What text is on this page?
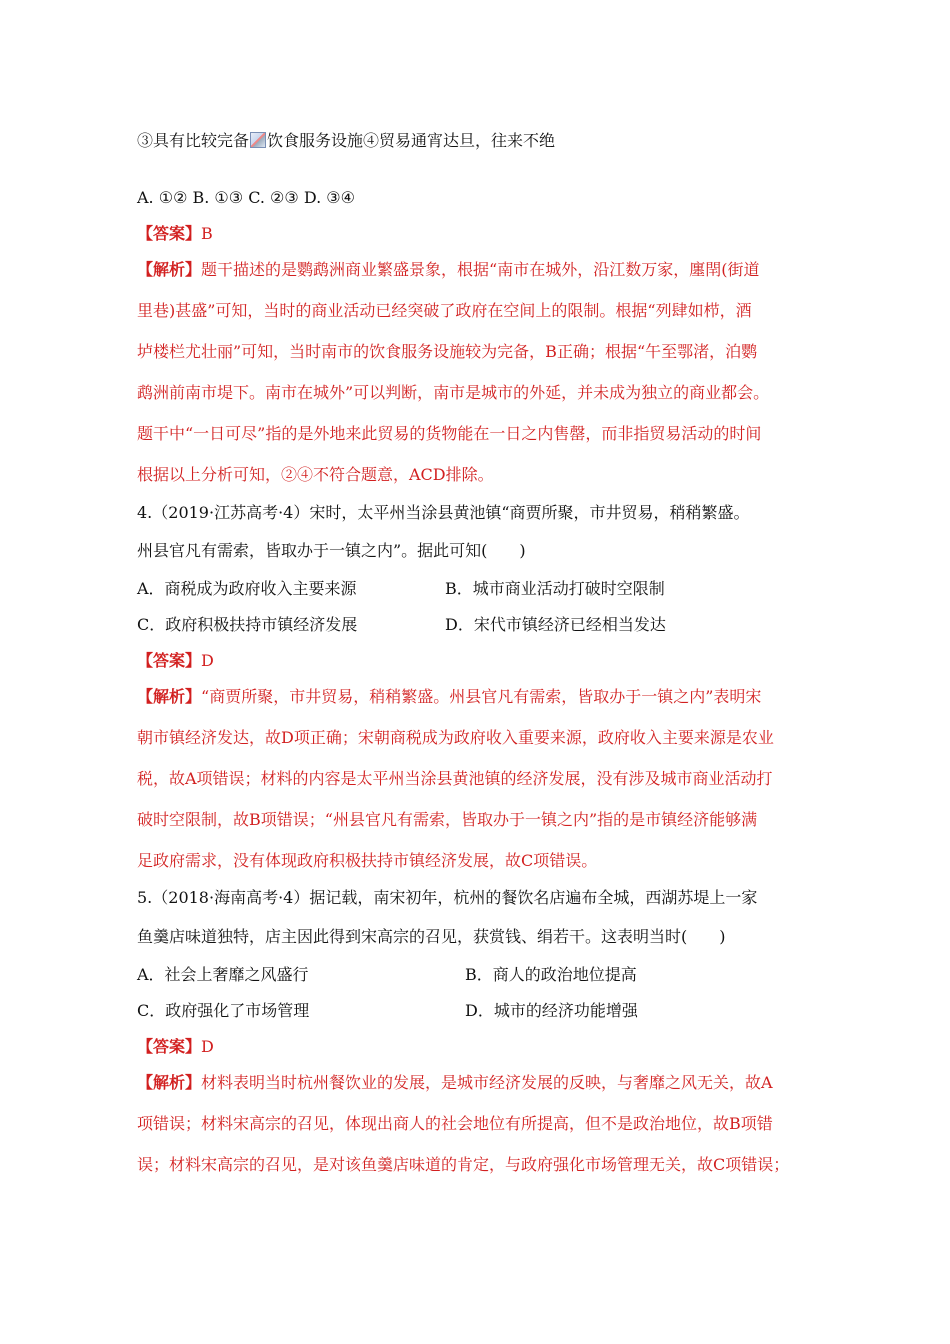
③具有比较完备 饮食服务设施④贸易通宵达旦，往来不绝
A. ①② B. ①③ C. ②③ D. ③④
【答案】B
【解析】题干描述的是鹦鹉洲商业繁盛景象，根据“南市在城外，沿江数万家，廛閈(街道
里巷)甚盛”可知，当时的商业活动已经突破了政府在空间上的限制。根据“列肆如栉，酒
垆楼栏尤壮丽”可知，当时南市的饮食服务设施较为完备，B正确；根据“午至鄂渚，泊鹦
鹉洲前南市堤下。南市在城外”可以判断，南市是城市的外延，并未成为独立的商业都会。
题干中“一日可尽”指的是外地来此贸易的货物能在一日之内售罄，而非指贸易活动的时间
根据以上分析可知，②④不符合题意，ACD排除。
4.（2019·江苏高考·4）宋时，太平州当涂县黄池镇“商贾所聚，市井贸易，稍稍繁盛。
州县官凡有需索，皆取办于一镇之内”。据此可知(　　)
A．商税成为政府收入主要来源	B．城市商业活动打破时空限制
C．政府积极扶持市镇经济发展	D．宋代市镇经济已经相当发达
【答案】D
【解析】“商贾所聚，市井贸易，稍稍繁盛。州县官凡有需索，皆取办于一镇之内”表明宋
朝市镇经济发达，故D项正确；宋朝商税成为政府收入重要来源，政府收入主要来源是农业
税，故A项错误；材料的内容是太平州当涂县黄池镇的经济发展，没有涉及城市商业活动打
破时空限制，故B项错误；“州县官凡有需索，皆取办于一镇之内”指的是市镇经济能够满
足政府需求，没有体现政府积极扶持市镇经济发展，故C项错误。
5.（2018·海南高考·4）据记载，南宋初年，杭州的餐饮名店遍布全城，西湖苏堤上一家
鱼羹店味道独特，店主因此得到宋高宗的召见，获赏钱、绢若干。这表明当时(　　)
A．社会上奢靡之风盛行	B．商人的政治地位提高
C．政府强化了市场管理	D．城市的经济功能增强
【答案】D
【解析】材料表明当时杭州餐饮业的发展，是城市经济发展的反映，与奢靡之风无关，故A
项错误；材料宋高宗的召见，体现出商人的社会地位有所提高，但不是政治地位，故B项错
误；材料宋高宗的召见，是对该鱼羹店味道的肯定，与政府强化市场管理无关，故C项错误；
